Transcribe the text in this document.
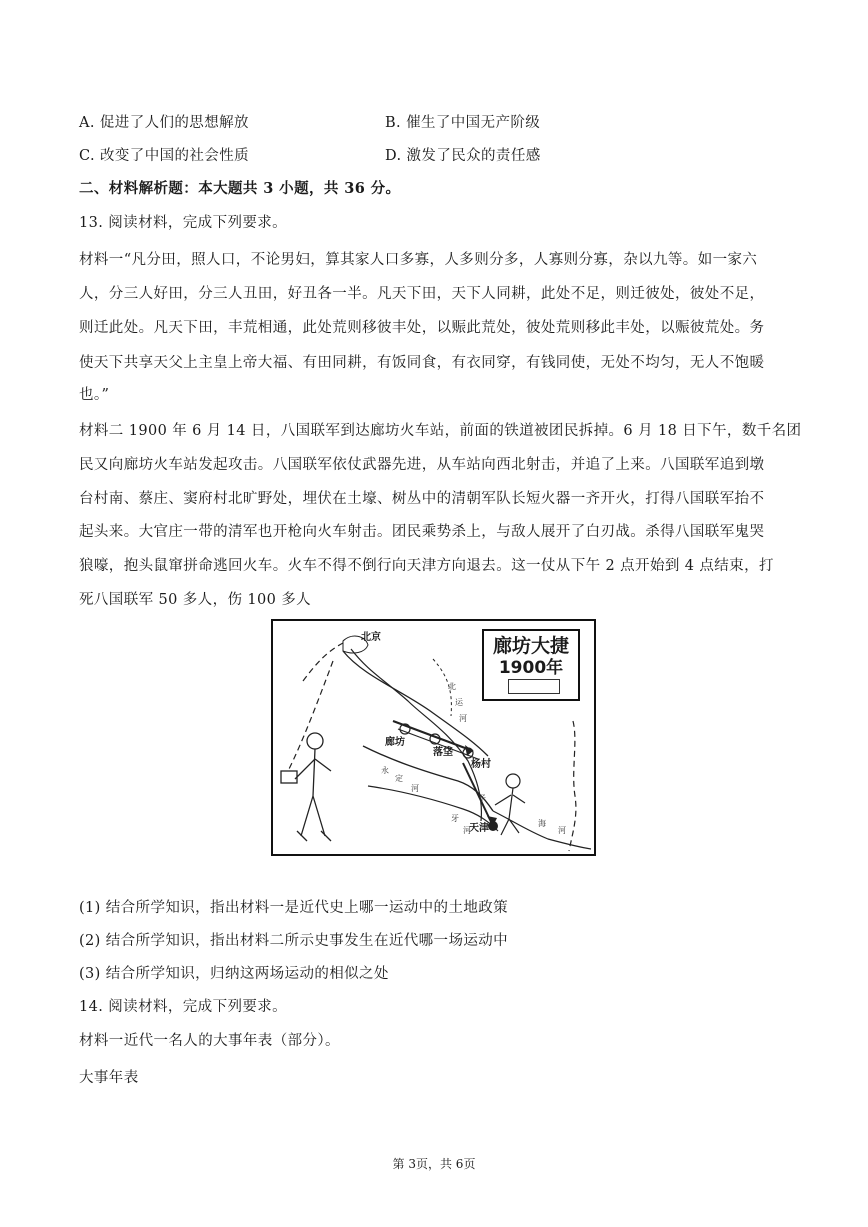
A. 促进了人们的思想解放	B. 催生了中国无产阶级
C. 改变了中国的社会性质	D. 激发了民众的责任感
二、材料解析题：本大题共 3 小题，共 36 分。
13. 阅读材料，完成下列要求。
材料一“凡分田，照人口，不论男妇，算其家人口多寡，人多则分多，人寡则分寡，杂以九等。如一家六
人，分三人好田，分三人丑田，好丑各一半。凡天下田，天下人同耕，此处不足，则迁彼处，彼处不足，
则迁此处。凡天下田，丰荒相通，此处荒则移彼丰处，以赈此荒处，彼处荒则移此丰处，以赈彼荒处。务
使天下共享天父上主皇上帝大福、有田同耕，有饭同食，有衣同穿，有钱同使，无处不均匀，无人不饱暖
也。”
材料二 1900 年 6 月 14 日，八国联军到达廊坊火车站，前面的铁道被团民拆掉。6 月 18 日下午，数千名团
民又向廊坊火车站发起攻击。八国联军依仗武器先进，从车站向西北射击，并追了上来。八国联军追到墩
台村南、蔡庄、窦府村北旷野处，埋伏在土壕、树丛中的清朝军队长短火器一齐开火，打得八国联军抬不
起头来。大官庄一带的清军也开枪向火车射击。团民乘势杀上，与敌人展开了白刃战。杀得八国联军鬼哭
狼嚎，抱头鼠窜拼命逃回火车。火车不得不倒行向天津方向退去。这一仗从下午 2 点开始到 4 点结束，打
死八国联军 50 多人，伤 100 多人
北
运
河
永
定
河
子
牙
河
海
河
廊坊大捷
1900年
北京
廊坊
落垡
杨村
天津
(1) 结合所学知识，指出材料一是近代史上哪一运动中的土地政策
(2) 结合所学知识，指出材料二所示史事发生在近代哪一场运动中
(3) 结合所学知识，归纳这两场运动的相似之处
14. 阅读材料，完成下列要求。
材料一近代一名人的大事年表（部分）。
大事年表
第 3页，共 6页
